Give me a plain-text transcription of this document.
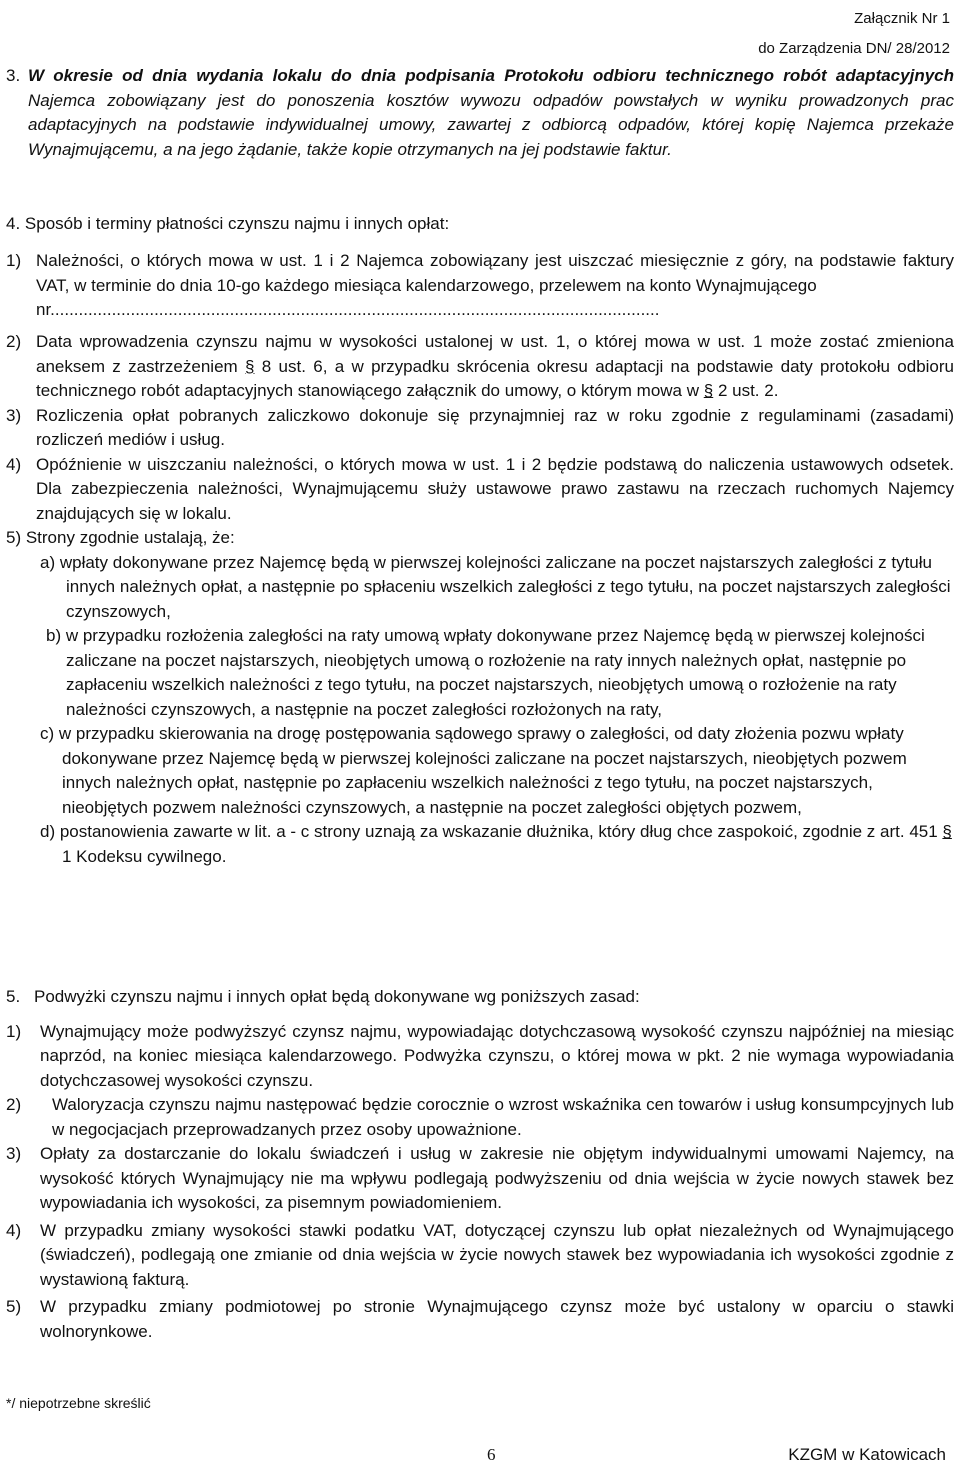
Załącznik Nr 1
do Zarządzenia DN/ 28/2012
3. W okresie od dnia wydania lokalu do dnia podpisania Protokołu odbioru technicznego robót adaptacyjnych Najemca zobowiązany jest do ponoszenia kosztów wywozu odpadów powstałych w wyniku prowadzonych prac adaptacyjnych na podstawie indywidualnej umowy, zawartej z odbiorcą odpadów, której kopię Najemca przekaże Wynajmującemu, a na jego żądanie, także kopie otrzymanych na jej podstawie faktur.

4. Sposób i terminy płatności czynszu najmu i innych opłat:

1) Należności, o których mowa w ust. 1 i 2 Najemca zobowiązany jest uiszczać miesięcznie z góry, na podstawie faktury VAT, w terminie do dnia 10-go każdego miesiąca kalendarzowego, przelewem na konto Wynajmującego
nr.................................................................................................................................
2) Data wprowadzenia czynszu najmu w wysokości ustalonej w ust. 1, o której mowa w ust. 1 może zostać zmieniona aneksem z zastrzeżeniem § 8 ust. 6, a w przypadku skrócenia okresu adaptacji na podstawie daty protokołu odbioru technicznego robót adaptacyjnych stanowiącego załącznik do umowy, o którym mowa w § 2 ust. 2.
3) Rozliczenia opłat pobranych zaliczkowo dokonuje się przynajmniej raz w roku zgodnie z regulaminami (zasadami) rozliczeń mediów i usług.
4) Opóźnienie w uiszczaniu należności, o których mowa w ust. 1 i 2 będzie podstawą do naliczenia ustawowych odsetek. Dla zabezpieczenia należności, Wynajmującemu służy ustawowe prawo zastawu na rzeczach ruchomych Najemcy znajdujących się w lokalu.

5) Strony zgodnie ustalają, że:

a) wpłaty dokonywane przez Najemcę będą w pierwszej kolejności zaliczane na poczet najstarszych zaległości z tytułu innych należnych opłat, a następnie po spłaceniu wszelkich zaległości z tego tytułu, na poczet najstarszych zaległości czynszowych,
b) w przypadku rozłożenia zaległości na raty umową wpłaty dokonywane przez Najemcę będą w pierwszej kolejności zaliczane na poczet najstarszych, nieobjętych umową o rozłożenie na raty innych należnych opłat, następnie po zapłaceniu wszelkich należności z tego tytułu, na poczet najstarszych, nieobjętych umową o rozłożenie na raty należności czynszowych, a następnie na poczet zaległości rozłożonych na raty,
c) w przypadku skierowania na drogę postępowania sądowego sprawy o zaległości, od daty złożenia pozwu wpłaty dokonywane przez Najemcę będą w pierwszej kolejności zaliczane na poczet najstarszych, nieobjętych pozwem innych należnych opłat, następnie po zapłaceniu wszelkich należności z tego tytułu, na poczet najstarszych, nieobjętych pozwem należności czynszowych, a następnie na poczet zaległości objętych pozwem,
d) postanowienia zawarte w lit. a - c strony uznają za wskazanie dłużnika, który dług chce zaspokoić, zgodnie z art. 451 § 1 Kodeksu cywilnego.
5. Podwyżki czynszu najmu i innych opłat będą dokonywane wg poniższych zasad:
1)	Wynajmujący może podwyższyć czynsz najmu, wypowiadając dotychczasową wysokość czynszu najpóźniej na miesiąc naprzód, na koniec miesiąca kalendarzowego. Podwyżka czynszu, o której mowa w pkt. 2 nie wymaga wypowiadania dotychczasowej wysokości czynszu.
2)	Waloryzacja czynszu najmu następować będzie corocznie o wzrost wskaźnika cen towarów i usług konsumpcyjnych lub w negocjacjach przeprowadzanych przez osoby upoważnione.
3)	Opłaty za dostarczanie do lokalu świadczeń i usług w zakresie nie objętym indywidualnymi umowami Najemcy, na wysokość których Wynajmujący nie ma wpływu podlegają podwyższeniu od dnia wejścia w życie nowych stawek bez wypowiadania ich wysokości, za pisemnym powiadomieniem.
4)	W przypadku zmiany wysokości stawki podatku VAT, dotyczącej czynszu lub opłat niezależnych od Wynajmującego (świadczeń), podlegają one zmianie od dnia wejścia w życie nowych stawek bez wypowiadania ich wysokości zgodnie z wystawioną fakturą.
5)	W przypadku zmiany podmiotowej po stronie Wynajmującego czynsz może być ustalony w oparciu o stawki wolnorynkowe.
*/ niepotrzebne skreślić
6	KZGM w Katowicach
